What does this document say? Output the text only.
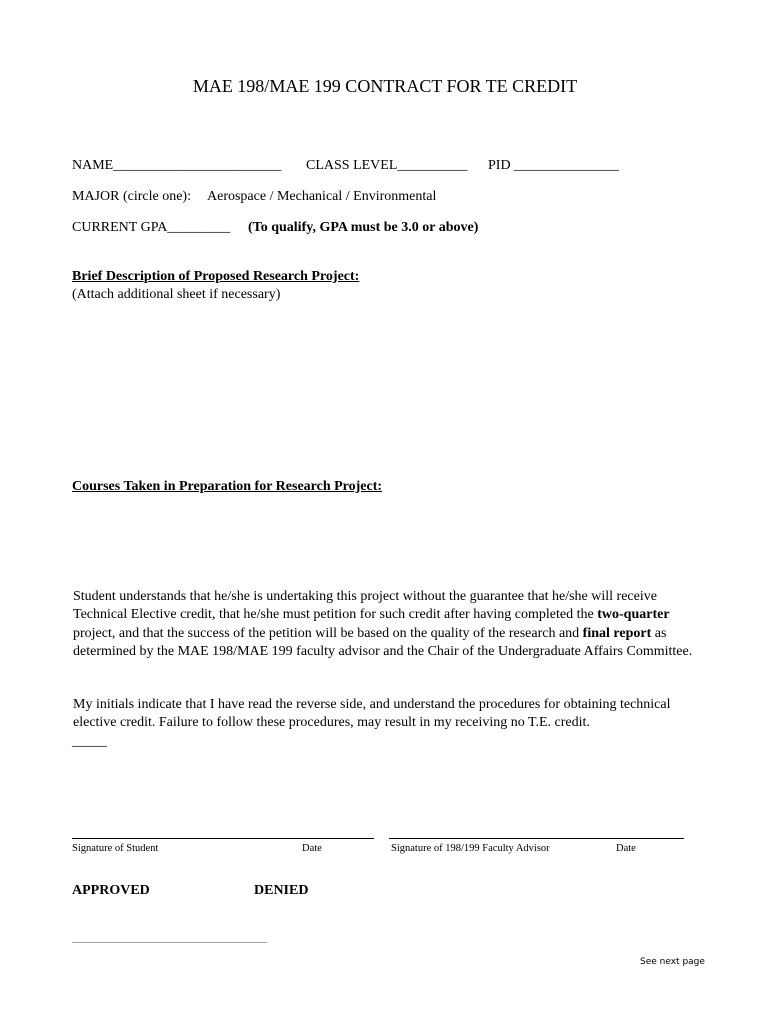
MAE 198/MAE 199 CONTRACT FOR TE CREDIT
NAME________________________ CLASS LEVEL__________ PID _______________
MAJOR (circle one): Aerospace / Mechanical / Environmental
CURRENT GPA_________ (To qualify, GPA must be 3.0 or above)
Brief Description of Proposed Research Project:
(Attach additional sheet if necessary)
Courses Taken in Preparation for Research Project:
Student understands that he/she is undertaking this project without the guarantee that he/she will receive Technical Elective credit, that he/she must petition for such credit after having completed the two-quarter project, and that the success of the petition will be based on the quality of the research and final report as determined by the MAE 198/MAE 199 faculty advisor and the Chair of the Undergraduate Affairs Committee.
My initials indicate that I have read the reverse side, and understand the procedures for obtaining technical elective credit. Failure to follow these procedures, may result in my receiving no T.E. credit.
_____
Signature of Student	Date	Signature of 198/199 Faculty Advisor	Date
APPROVED	DENIED
_______________________________________
See next page
